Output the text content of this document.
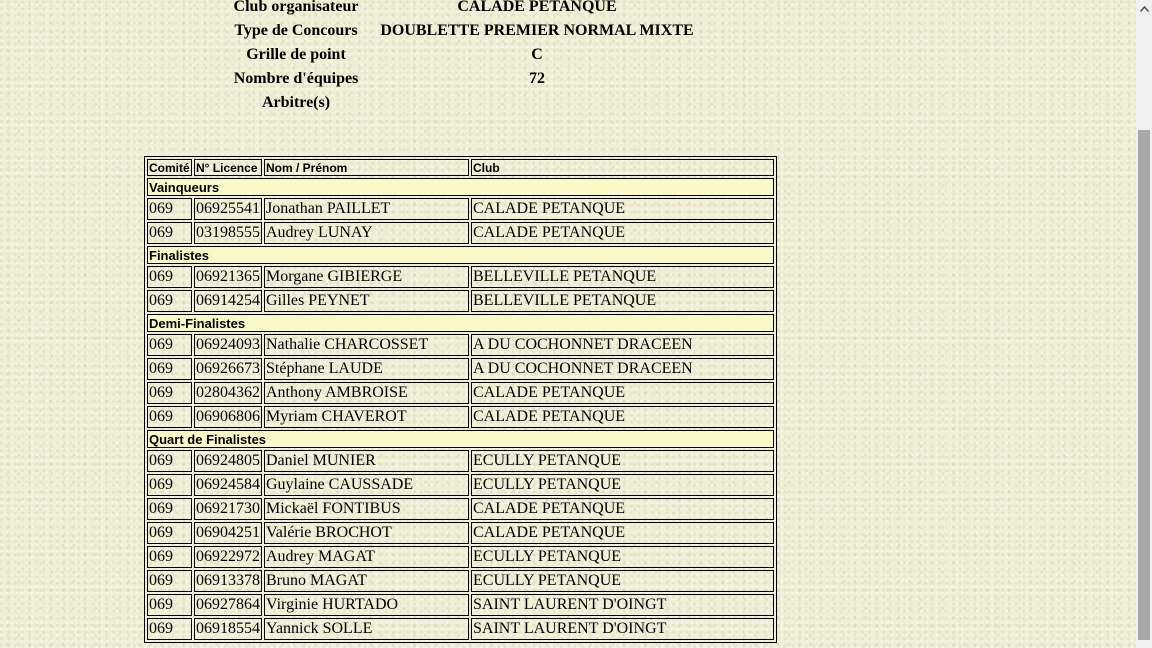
Club organisateur	CALADE PETANQUE
Type de Concours	DOUBLETTE PREMIER NORMAL MIXTE
Grille de point	C
Nombre d'équipes	72
Arbitre(s)	
Comité	N° Licence	Nom / Prénom	Club
Vainqueurs			
069	06925541	Jonathan PAILLET	CALADE PETANQUE
069	03198555	Audrey LUNAY	CALADE PETANQUE
Finalistes			
069	06921365	Morgane GIBIERGE	BELLEVILLE PETANQUE
069	06914254	Gilles PEYNET	BELLEVILLE PETANQUE
Demi-Finalistes			
069	06924093	Nathalie CHARCOSSET	A DU COCHONNET DRACEEN
069	06926673	Stéphane LAUDE	A DU COCHONNET DRACEEN
069	02804362	Anthony AMBROISE	CALADE PETANQUE
069	06906806	Myriam CHAVEROT	CALADE PETANQUE
Quart de Finalistes			
069	06924805	Daniel MUNIER	ECULLY PETANQUE
069	06924584	Guylaine CAUSSADE	ECULLY PETANQUE
069	06921730	Mickaël FONTIBUS	CALADE PETANQUE
069	06904251	Valérie BROCHOT	CALADE PETANQUE
069	06922972	Audrey MAGAT	ECULLY PETANQUE
069	06913378	Bruno MAGAT	ECULLY PETANQUE
069	06927864	Virginie HURTADO	SAINT LAURENT D'OINGT
069	06918554	Yannick SOLLE	SAINT LAURENT D'OINGT
